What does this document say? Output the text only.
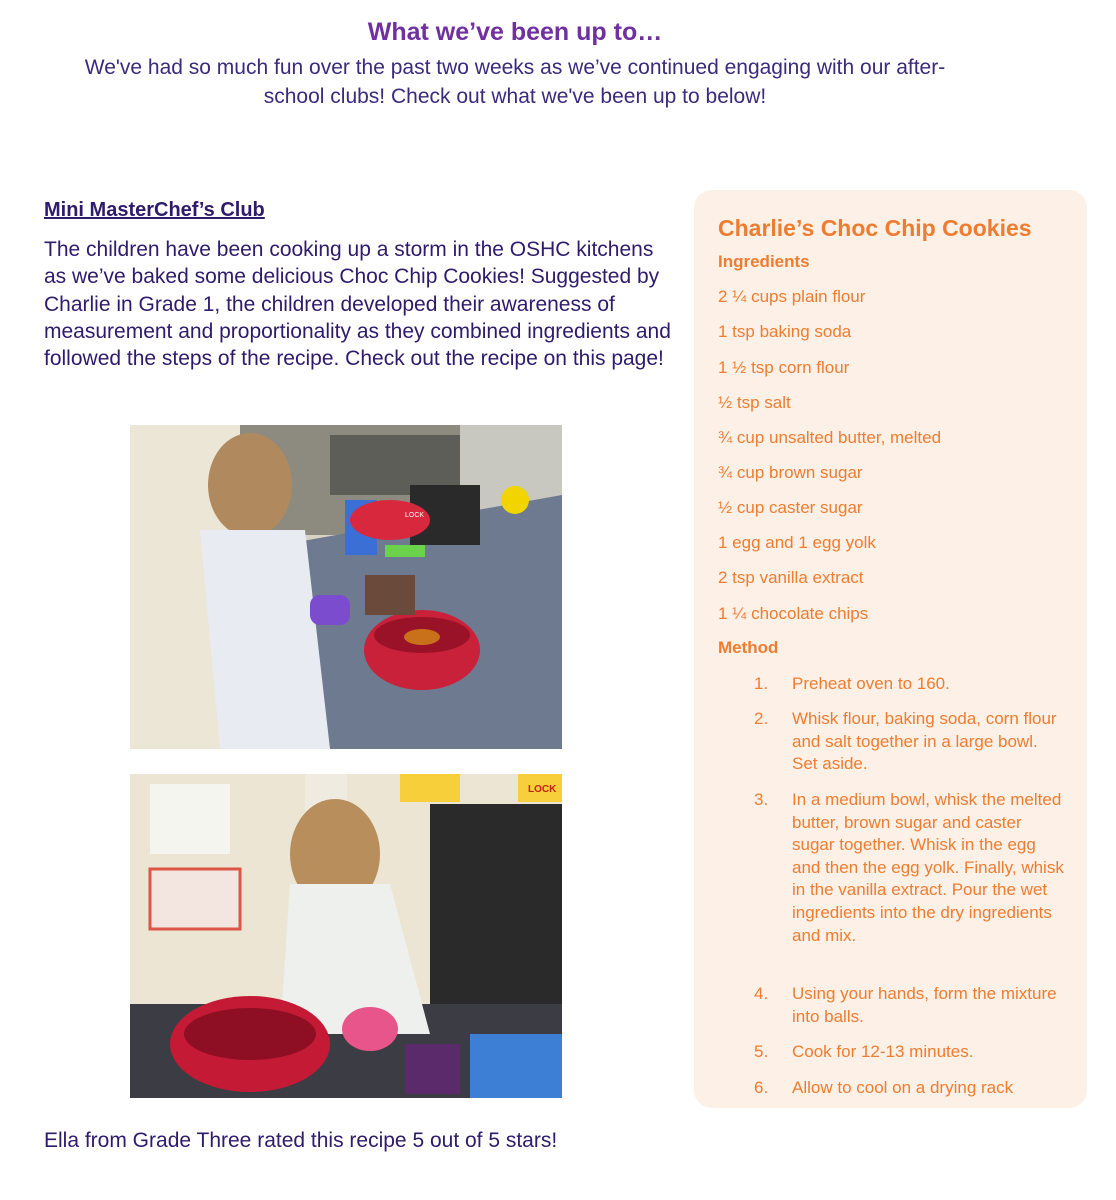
What we’ve been up to…
We've had so much fun over the past two weeks as we’ve continued engaging with our after-school clubs! Check out what we've been up to below!
Mini MasterChef’s Club
The children have been cooking up a storm in the OSHC kitchens as we’ve baked some delicious Choc Chip Cookies! Suggested by Charlie in Grade 1, the children developed their awareness of measurement and proportionality as they combined ingredients and followed the steps of the recipe. Check out the recipe on this page!
LOCK
LOCK
Ella from Grade Three rated this recipe 5 out of 5 stars!
Charlie’s Choc Chip Cookies
Ingredients
2 ¼ cups plain flour
1 tsp baking soda
1 ½ tsp corn flour
½ tsp salt
¾ cup unsalted butter, melted
¾ cup brown sugar
½ cup caster sugar
1 egg and 1 egg yolk
2 tsp vanilla extract
1 ¼ chocolate chips
Method
1. Preheat oven to 160.
2. Whisk flour, baking soda, corn flour and salt together in a large bowl. Set aside.
3. In a medium bowl, whisk the melted butter, brown sugar and caster sugar together. Whisk in the egg and then the egg yolk. Finally, whisk in the vanilla extract. Pour the wet ingredients into the dry ingredients and mix.
4. Using your hands, form the mixture into balls.
5. Cook for 12-13 minutes.
6. Allow to cool on a drying rack
